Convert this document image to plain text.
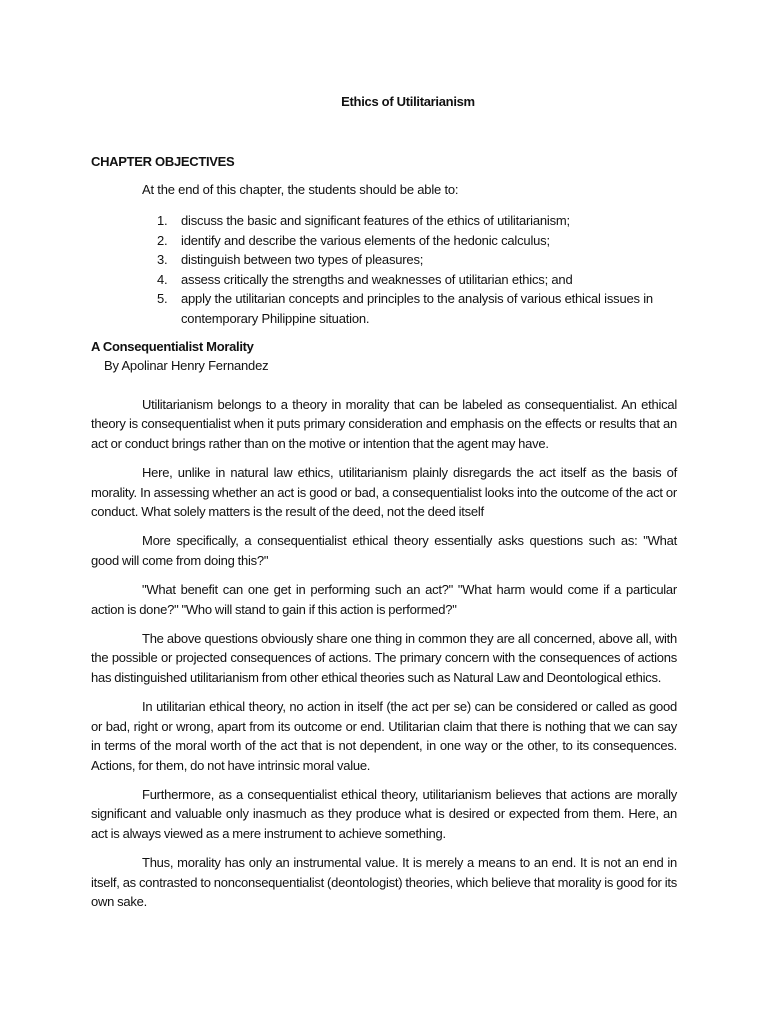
Ethics of Utilitarianism
CHAPTER OBJECTIVES
At the end of this chapter, the students should be able to:
1. discuss the basic and significant features of the ethics of utilitarianism;
2. identify and describe the various elements of the hedonic calculus;
3. distinguish between two types of pleasures;
4. assess critically the strengths and weaknesses of utilitarian ethics; and
5. apply the utilitarian concepts and principles to the analysis of various ethical issues in contemporary Philippine situation.
A Consequentialist Morality
By Apolinar Henry Fernandez

Utilitarianism belongs to a theory in morality that can be labeled as consequentialist. An ethical theory is consequentialist when it puts primary consideration and emphasis on the effects or results that an act or conduct brings rather than on the motive or intention that the agent may have.

Here, unlike in natural law ethics, utilitarianism plainly disregards the act itself as the basis of morality. In assessing whether an act is good or bad, a consequentialist looks into the outcome of the act or conduct. What solely matters is the result of the deed, not the deed itself

More specifically, a consequentialist ethical theory essentially asks questions such as: "What good will come from doing this?"

"What benefit can one get in performing such an act?" "What harm would come if a particular action is done?" "Who will stand to gain if this action is performed?"

The above questions obviously share one thing in common they are all concerned, above all, with the possible or projected consequences of actions. The primary concern with the consequences of actions has distinguished utilitarianism from other ethical theories such as Natural Law and Deontological ethics.

In utilitarian ethical theory, no action in itself (the act per se) can be considered or called as good or bad, right or wrong, apart from its outcome or end. Utilitarian claim that there is nothing that we can say in terms of the moral worth of the act that is not dependent, in one way or the other, to its consequences. Actions, for them, do not have intrinsic moral value.

Furthermore, as a consequentialist ethical theory, utilitarianism believes that actions are morally significant and valuable only inasmuch as they produce what is desired or expected from them. Here, an act is always viewed as a mere instrument to achieve something.

Thus, morality has only an instrumental value. It is merely a means to an end. It is not an end in itself, as contrasted to nonconsequentialist (deontologist) theories, which believe that morality is good for its own sake.
